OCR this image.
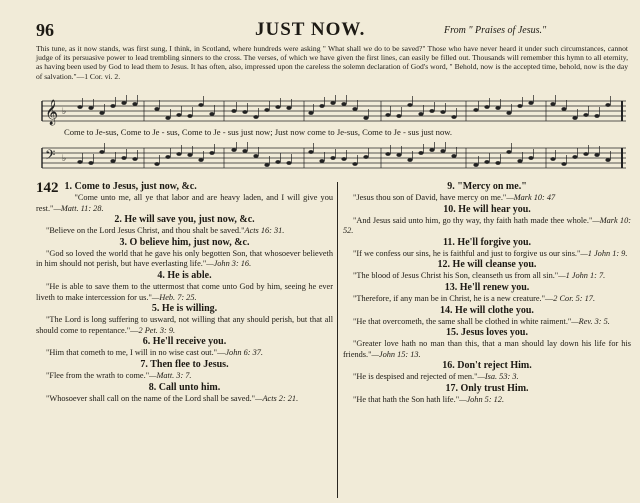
96	JUST NOW.	From " Praises of Jesus."
This tune, as it now stands, was first sung, I think, in Scotland, where hundreds were asking " What shall we do to be saved?" Those who have never heard it under such circumstances, cannot judge of its persuasive power to lead trembling sinners to the cross. The verses, of which we have given the first lines, can easily be filled out. Thousands will remember this hymn to all eternity, as having been used by God to lead them to Jesus. It has often, also, impressed upon the careless the solemn declaration of God's word, " Behold, now is the accepted time, behold, now is the day of salvation."—1 Cor. vi. 2.
𝄞 ♭
Come to Je-sus, Come to Je - sus, Come to Je - sus just now; Just now come to Je-sus, Come to Je - sus just now.
𝄢 ♭
142 1. Come to Jesus, just now, &c.

"Come unto me, all ye that labor and are heavy laden, and I will give you rest."—Matt. 11: 28.

2. He will save you, just now, &c.

"Believe on the Lord Jesus Christ, and thou shalt be saved."Acts 16: 31.

3. O believe him, just now, &c.

"God so loved the world that he gave his only begotten Son, that whosoever believeth in him should not perish, but have everlasting life."—John 3: 16.

4. He is able.

"He is able to save them to the uttermost that come unto God by him, seeing he ever liveth to make intercession for us."—Heb. 7: 25.

5. He is willing.

"The Lord is long suffering to usward, not willing that any should perish, but that all should come to repentance."—2 Pet. 3: 9.

6. He'll receive you.

"Him that cometh to me, I will in no wise cast out."—John 6: 37.

7. Then flee to Jesus.

"Flee from the wrath to come."—Matt. 3: 7.

8. Call unto him.

"Whosoever shall call on the name of the Lord shall be saved."—Acts 2: 21.

9. "Mercy on me."

"Jesus thou son of David, have mercy on me."—Mark 10: 47

10. He will hear you.

"And Jesus said unto him, go thy way, thy faith hath made thee whole."—Mark 10: 52.

11. He'll forgive you.

"If we confess our sins, he is faithful and just to forgive us our sins."—1 John 1: 9.

12. He will cleanse you.

"The blood of Jesus Christ his Son, cleanseth us from all sin."—1 John 1: 7.

13. He'll renew you.

"Therefore, if any man be in Christ, he is a new creature."—2 Cor. 5: 17.

14. He will clothe you.

"He that overcometh, the same shall be clothed in white raiment."—Rev. 3: 5.

15. Jesus loves you.

"Greater love hath no man than this, that a man should lay down his life for his friends."—John 15: 13.

16. Don't reject Him.

"He is despised and rejected of men."—Isa. 53: 3.

17. Only trust Him.

"He that hath the Son hath life."—John 5: 12.
